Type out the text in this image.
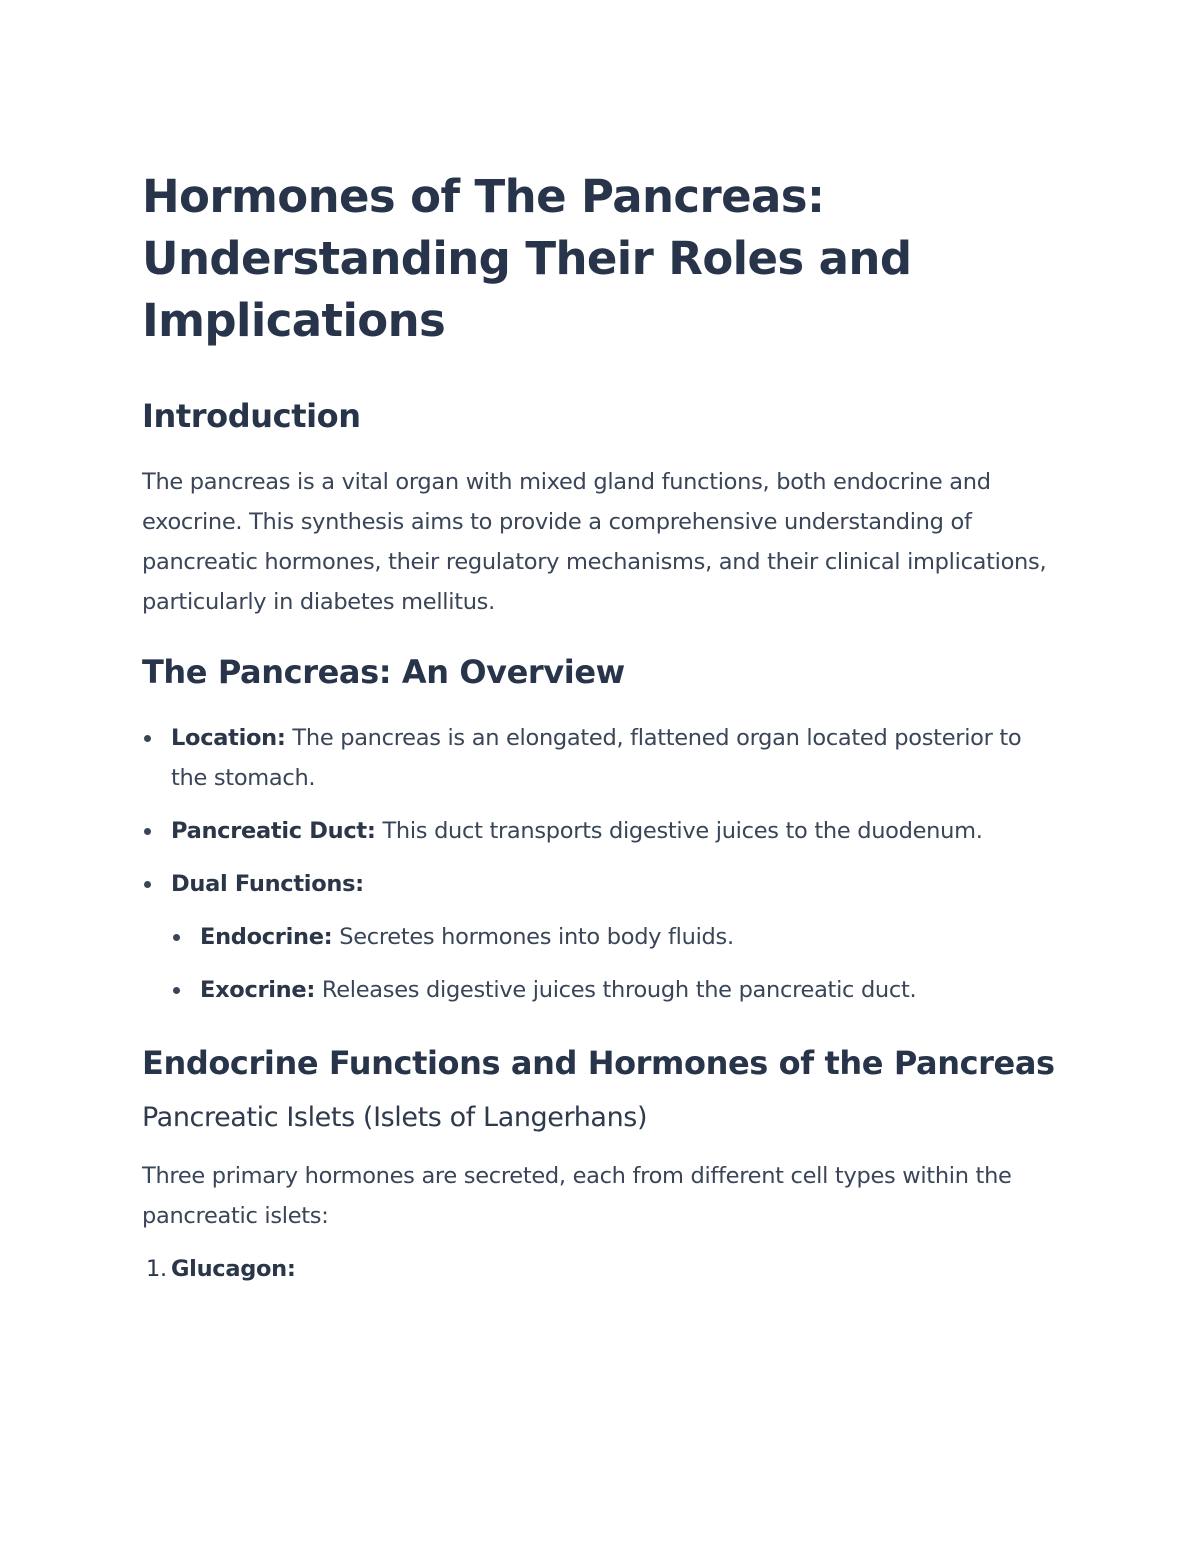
Hormones of The Pancreas: Understanding Their Roles and Implications
Introduction

The pancreas is a vital organ with mixed gland functions, both endocrine and exocrine. This synthesis aims to provide a comprehensive understanding of pancreatic hormones, their regulatory mechanisms, and their clinical implications, particularly in diabetes mellitus.

The Pancreas: An Overview
Location: The pancreas is an elongated, flattened organ located posterior to the stomach.
Pancreatic Duct: This duct transports digestive juices to the duodenum.
Dual Functions:
Endocrine: Secretes hormones into body fluids.
Exocrine: Releases digestive juices through the pancreatic duct.
Endocrine Functions and Hormones of the Pancreas
Pancreatic Islets (Islets of Langerhans)

Three primary hormones are secreted, each from different cell types within the pancreatic islets:

1. Glucagon:
